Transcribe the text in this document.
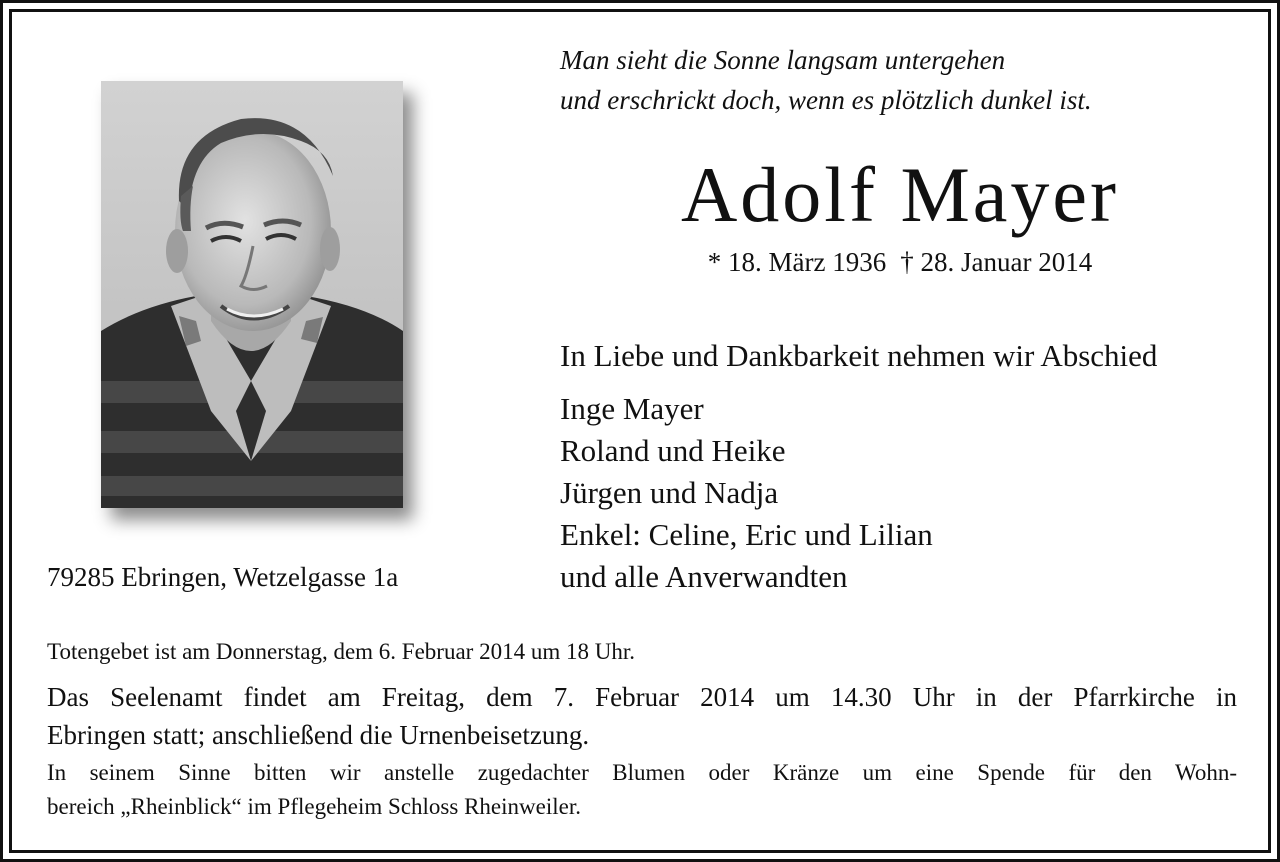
79285 Ebringen, Wetzelgasse 1a
Man sieht die Sonne langsam untergehen
und erschrickt doch, wenn es plötzlich dunkel ist.
Adolf Mayer
* 18. März 1936 † 28. Januar 2014
In Liebe und Dankbarkeit nehmen wir Abschied
Inge Mayer
Roland und Heike
Jürgen und Nadja
Enkel: Celine, Eric und Lilian
und alle Anverwandten
Totengebet ist am Donnerstag, dem 6. Februar 2014 um 18 Uhr.
Das Seelenamt findet am Freitag, dem 7. Februar 2014 um 14.30 Uhr in der Pfarrkirche in
Ebringen statt; anschließend die Urnenbeisetzung.
In seinem Sinne bitten wir anstelle zugedachter Blumen oder Kränze um eine Spende für den Wohn-
bereich „Rheinblick“ im Pflegeheim Schloss Rheinweiler.
